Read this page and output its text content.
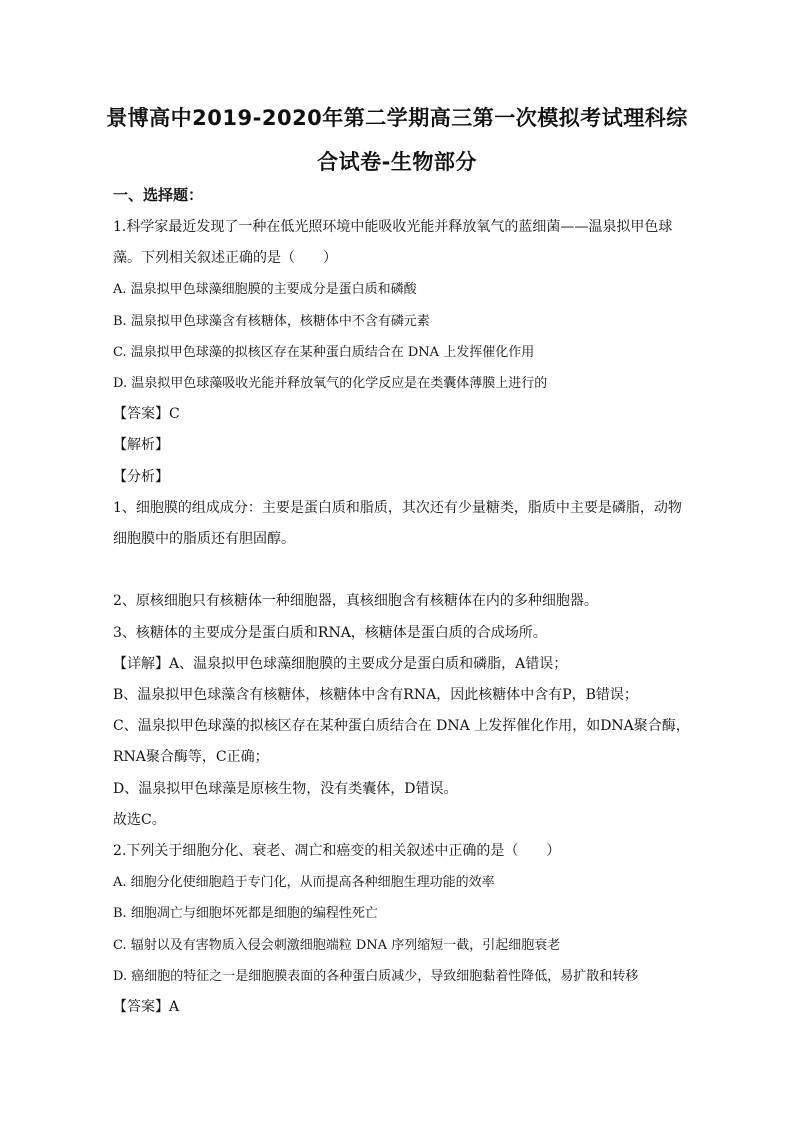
景博高中2019-2020年第二学期高三第一次模拟考试理科综
合试卷-生物部分
一、选择题：
1.科学家最近发现了一种在低光照环境中能吸收光能并释放氧气的蓝细菌——温泉拟甲色球
藻。下列相关叙述正确的是（　　）
A. 温泉拟甲色球藻细胞膜的主要成分是蛋白质和磷酸
B. 温泉拟甲色球藻含有核糖体，核糖体中不含有磷元素
C. 温泉拟甲色球藻的拟核区存在某种蛋白质结合在 DNA 上发挥催化作用
D. 温泉拟甲色球藻吸收光能并释放氧气的化学反应是在类囊体薄膜上进行的
【答案】C
【解析】
【分析】
1、细胞膜的组成成分：主要是蛋白质和脂质，其次还有少量糖类，脂质中主要是磷脂，动物
细胞膜中的脂质还有胆固醇。
2、原核细胞只有核糖体一种细胞器，真核细胞含有核糖体在内的多种细胞器。
3、核糖体的主要成分是蛋白质和RNA，核糖体是蛋白质的合成场所。
【详解】A、温泉拟甲色球藻细胞膜的主要成分是蛋白质和磷脂，A错误；
B、温泉拟甲色球藻含有核糖体，核糖体中含有RNA，因此核糖体中含有P，B错误；
C、温泉拟甲色球藻的拟核区存在某种蛋白质结合在 DNA 上发挥催化作用，如DNA聚合酶，
RNA聚合酶等，C正确；
D、温泉拟甲色球藻是原核生物，没有类囊体，D错误。
故选C。
2.下列关于细胞分化、衰老、凋亡和癌变的相关叙述中正确的是（　　）
A. 细胞分化使细胞趋于专门化，从而提高各种细胞生理功能的效率
B. 细胞凋亡与细胞坏死都是细胞的编程性死亡
C. 辐射以及有害物质入侵会刺激细胞端粒 DNA 序列缩短一截，引起细胞衰老
D. 癌细胞的特征之一是细胞膜表面的各种蛋白质减少，导致细胞黏着性降低，易扩散和转移
【答案】A
